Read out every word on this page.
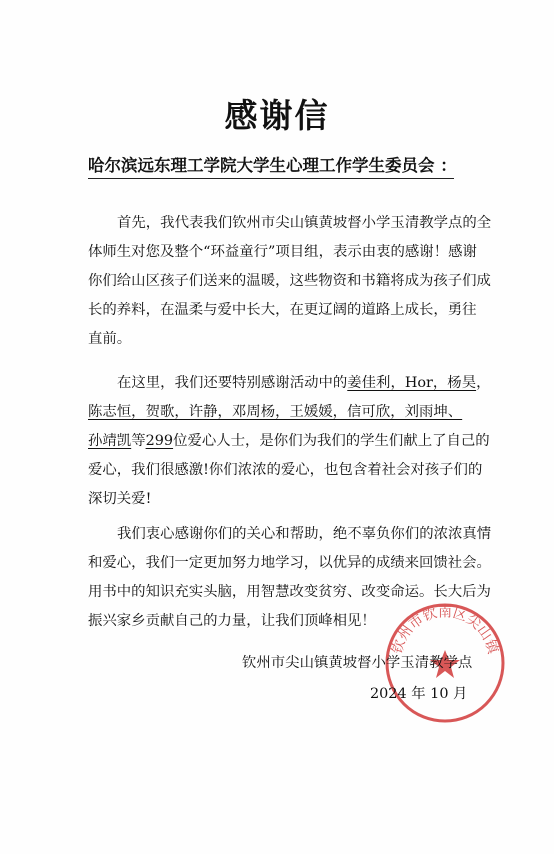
感谢信
哈尔滨远东理工学院大学生心理工作学生委员会 ：
首先，我代表我们钦州市尖山镇黄坡督小学玉清教学点的全
体师生对您及整个“环益童行”项目组，表示由衷的感谢！感谢
你们给山区孩子们送来的温暖，这些物资和书籍将成为孩子们成
长的养料，在温柔与爱中长大，在更辽阔的道路上成长，勇往
直前。
在这里，我们还要特别感谢活动中的姜佳利，Hor，杨昊，
陈志恒，贺歌，许静，邓周杨，王媛媛，信可欣，刘雨坤、
孙靖凯等299位爱心人士，是你们为我们的学生们献上了自己的
爱心，我们很感激!你们浓浓的爱心，也包含着社会对孩子们的
深切关爱!
我们衷心感谢你们的关心和帮助，绝不辜负你们的浓浓真情
和爱心，我们一定更加努力地学习，以优异的成绩来回馈社会。
用书中的知识充实头脑，用智慧改变贫穷、改变命运。长大后为
振兴家乡贡献自己的力量，让我们顶峰相见！
钦州市钦南区尖山镇
钦州市尖山镇黄坡督小学玉清教学点
2024 年 10 月
